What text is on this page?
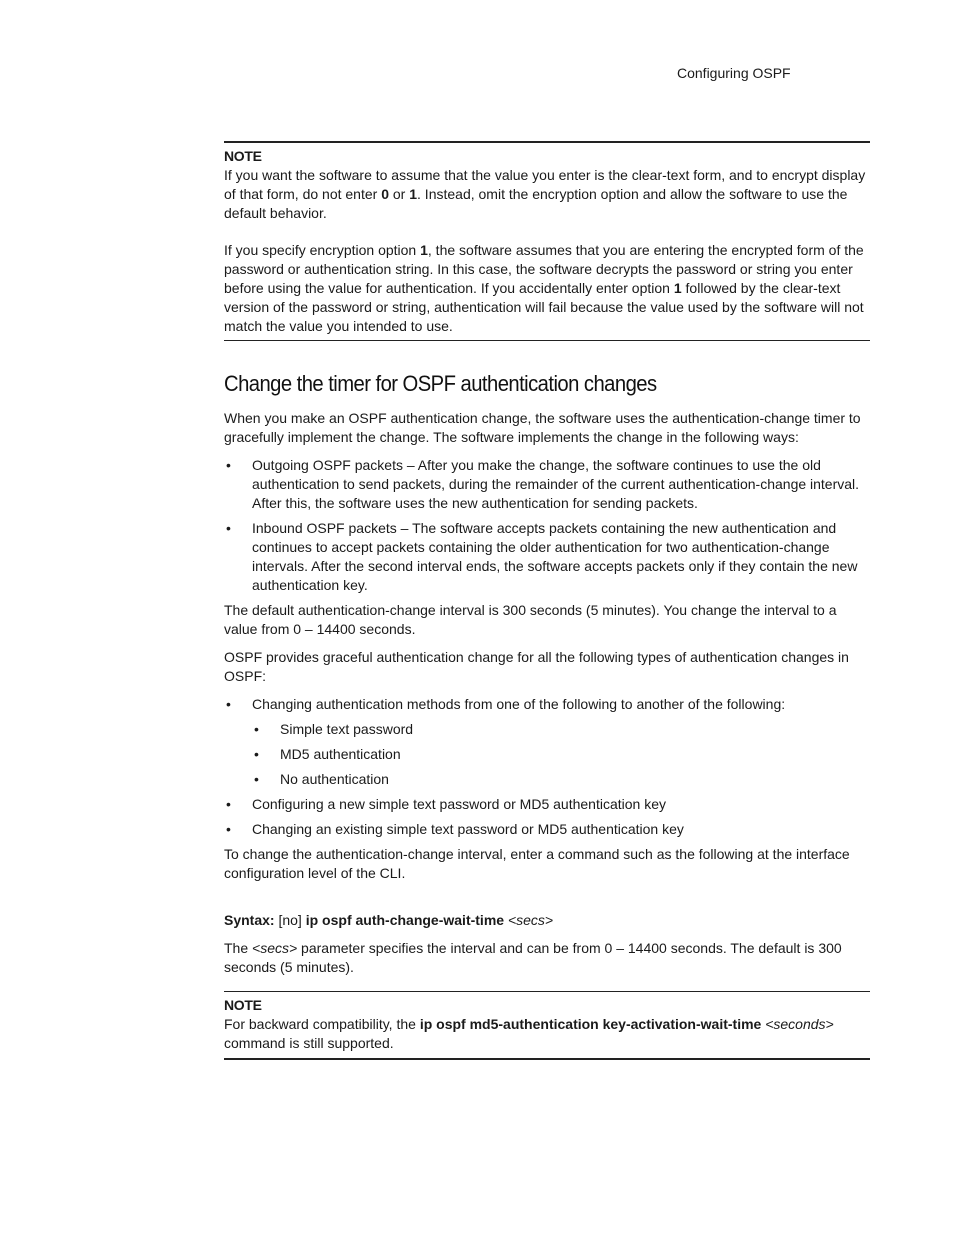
Configuring OSPF
NOTE

If you want the software to assume that the value you enter is the clear-text form, and to encrypt display of that form, do not enter 0 or 1. Instead, omit the encryption option and allow the software to use the default behavior.

If you specify encryption option 1, the software assumes that you are entering the encrypted form of the password or authentication string. In this case, the software decrypts the password or string you enter before using the value for authentication. If you accidentally enter option 1 followed by the clear-text version of the password or string, authentication will fail because the value used by the software will not match the value you intended to use.

Change the timer for OSPF authentication changes

When you make an OSPF authentication change, the software uses the authentication-change timer to gracefully implement the change. The software implements the change in the following ways:

• Outgoing OSPF packets – After you make the change, the software continues to use the old authentication to send packets, during the remainder of the current authentication-change interval. After this, the software uses the new authentication for sending packets.
• Inbound OSPF packets – The software accepts packets containing the new authentication and continues to accept packets containing the older authentication for two authentication-change intervals. After the second interval ends, the software accepts packets only if they contain the new authentication key.

The default authentication-change interval is 300 seconds (5 minutes). You change the interval to a value from 0 – 14400 seconds.

OSPF provides graceful authentication change for all the following types of authentication changes in OSPF:

• Changing authentication methods from one of the following to another of the following:
• Simple text password
• MD5 authentication
• No authentication
• Configuring a new simple text password or MD5 authentication key
• Changing an existing simple text password or MD5 authentication key

To change the authentication-change interval, enter a command such as the following at the interface configuration level of the CLI.

Syntax: [no] ip ospf auth-change-wait-time <secs>

The <secs> parameter specifies the interval and can be from 0 – 14400 seconds. The default is 300 seconds (5 minutes).

NOTE

For backward compatibility, the ip ospf md5-authentication key-activation-wait-time <seconds> command is still supported.
